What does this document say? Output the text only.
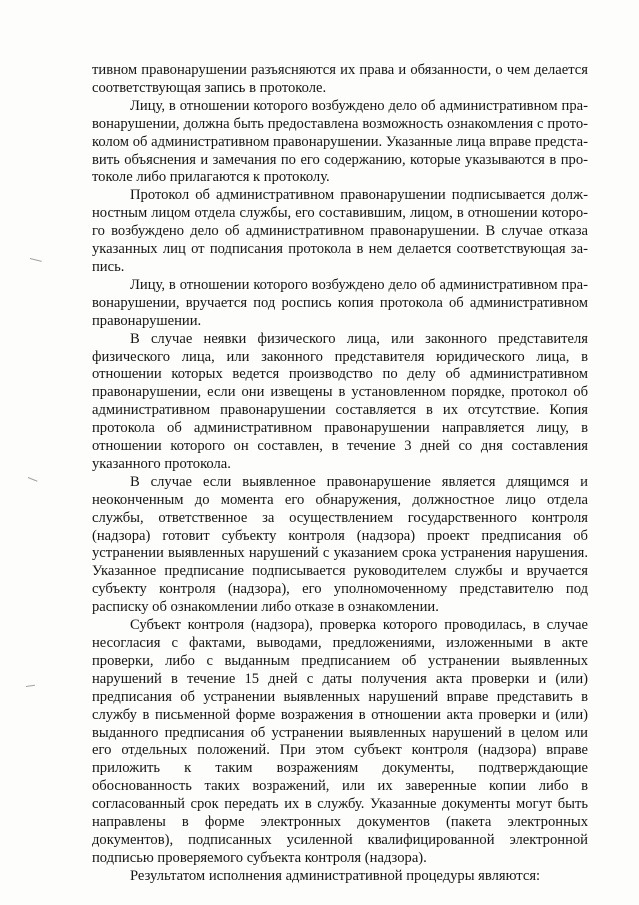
тивном правонарушении разъясняются их права и обязанности, о чем делается соответствующая запись в протоколе.

Лицу, в отношении которого возбуждено дело об административном правонарушении, должна быть предоставлена возможность ознакомления с протоколом об административном правонарушении. Указанные лица вправе представить объяснения и замечания по его содержанию, которые указываются в протоколе либо прилагаются к протоколу.

Протокол об административном правонарушении подписывается должностным лицом отдела службы, его составившим, лицом, в отношении которого возбуждено дело об административном правонарушении. В случае отказа указанных лиц от подписания протокола в нем делается соответствующая запись.

Лицу, в отношении которого возбуждено дело об административном правонарушении, вручается под роспись копия протокола об административном правонарушении.

В случае неявки физического лица, или законного представителя физического лица, или законного представителя юридического лица, в отношении которых ведется производство по делу об административном правонарушении, если они извещены в установленном порядке, протокол об административном правонарушении составляется в их отсутствие. Копия протокола об административном правонарушении направляется лицу, в отношении которого он составлен, в течение 3 дней со дня составления указанного протокола.

В случае если выявленное правонарушение является длящимся и неоконченным до момента его обнаружения, должностное лицо отдела службы, ответственное за осуществлением государственного контроля (надзора) готовит субъекту контроля (надзора) проект предписания об устранении выявленных нарушений с указанием срока устранения нарушения. Указанное предписание подписывается руководителем службы и вручается субъекту контроля (надзора), его уполномоченному представителю под расписку об ознакомлении либо отказе в ознакомлении.

Субъект контроля (надзора), проверка которого проводилась, в случае несогласия с фактами, выводами, предложениями, изложенными в акте проверки, либо с выданным предписанием об устранении выявленных нарушений в течение 15 дней с даты получения акта проверки и (или) предписания об устранении выявленных нарушений вправе представить в службу в письменной форме возражения в отношении акта проверки и (или) выданного предписания об устранении выявленных нарушений в целом или его отдельных положений. При этом субъект контроля (надзора) вправе приложить к таким возражениям документы, подтверждающие обоснованность таких возражений, или их заверенные копии либо в согласованный срок передать их в службу. Указанные документы могут быть направлены в форме электронных документов (пакета электронных документов), подписанных усиленной квалифицированной электронной подписью проверяемого субъекта контроля (надзора).

Результатом исполнения административной процедуры являются:
